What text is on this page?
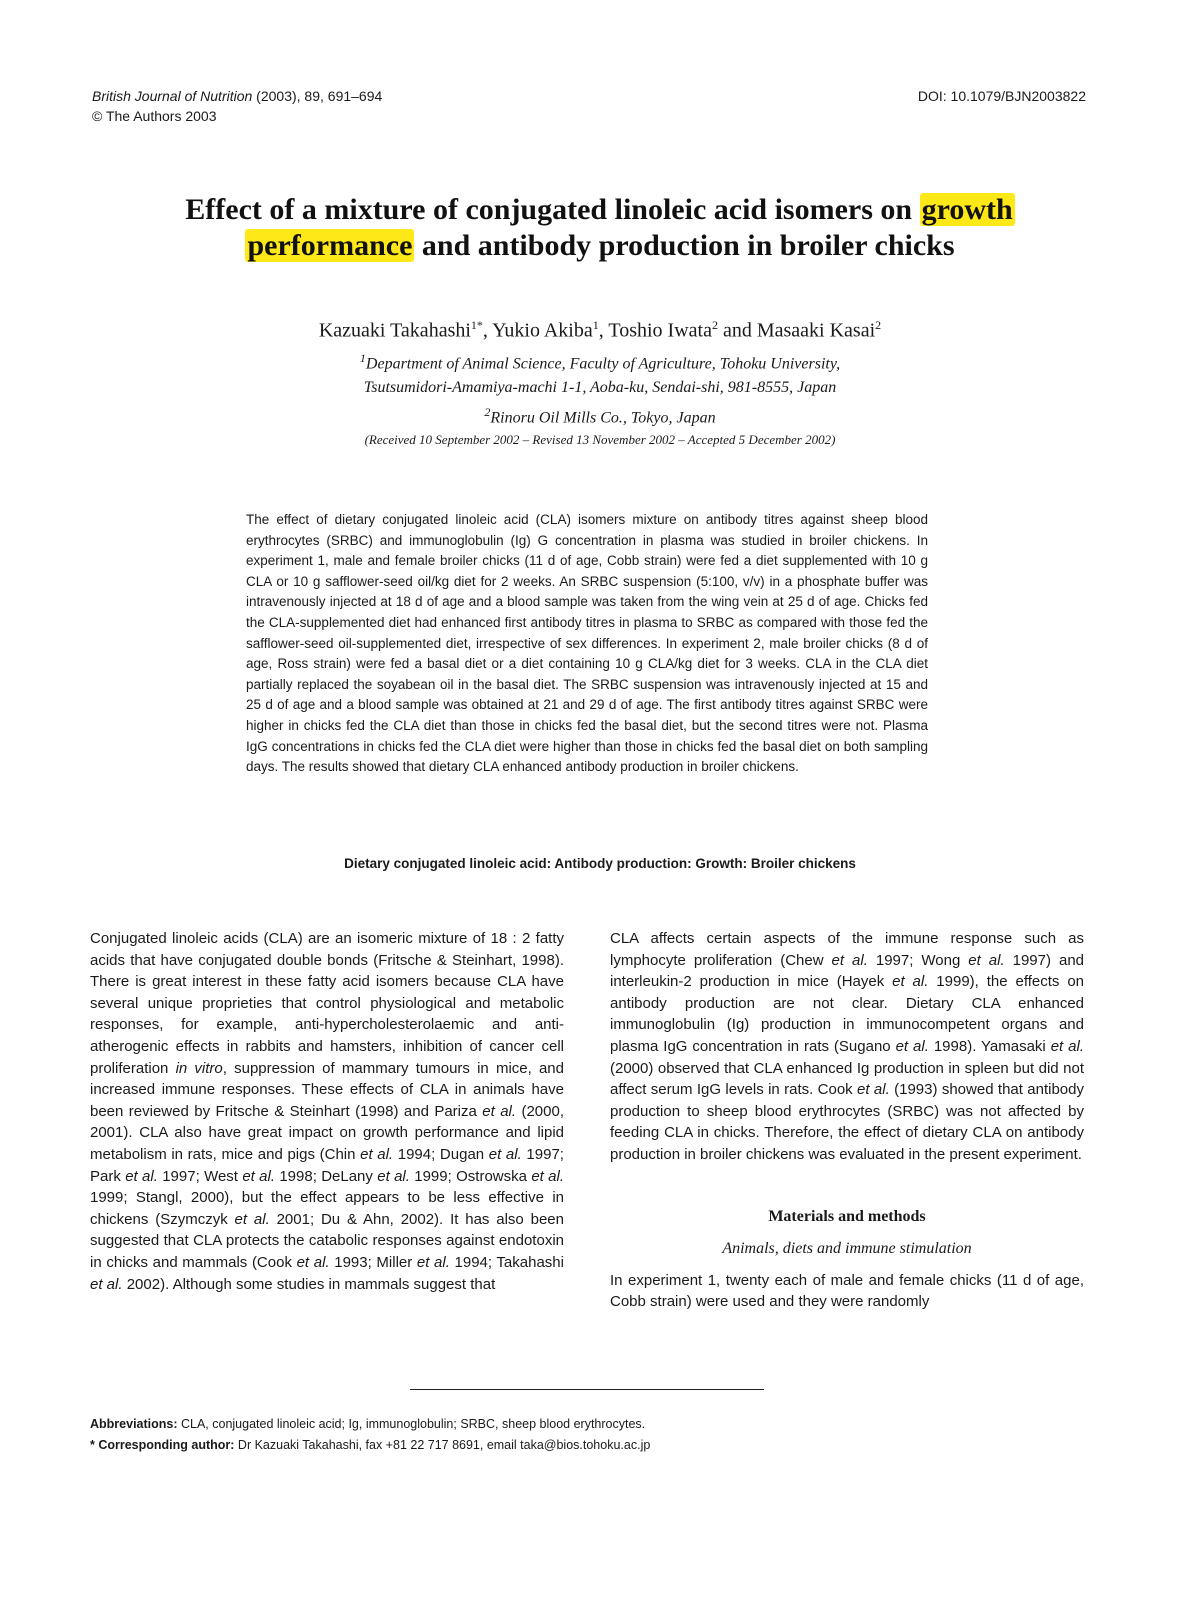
British Journal of Nutrition (2003), 89, 691–694
© The Authors 2003
DOI: 10.1079/BJN2003822
Effect of a mixture of conjugated linoleic acid isomers on growth
performance and antibody production in broiler chicks
Kazuaki Takahashi$^{1*}$, Yukio Akiba$^1$, Toshio Iwata$^2$ and Masaaki Kasai$^2$
$^1$Department of Animal Science, Faculty of Agriculture, Tohoku University,
Tsutsumidori-Amamiya-machi 1-1, Aoba-ku, Sendai-shi, 981-8555, Japan
$^2$Rinoru Oil Mills Co., Tokyo, Japan
(Received 10 September 2002 – Revised 13 November 2002 – Accepted 5 December 2002)
The effect of dietary conjugated linoleic acid (CLA) isomers mixture on antibody titres against sheep blood erythrocytes (SRBC) and immunoglobulin (Ig) G concentration in plasma was studied in broiler chickens. In experiment 1, male and female broiler chicks (11 d of age, Cobb strain) were fed a diet supplemented with 10 g CLA or 10 g safflower-seed oil/kg diet for 2 weeks. An SRBC suspension (5:100, v/v) in a phosphate buffer was intravenously injected at 18 d of age and a blood sample was taken from the wing vein at 25 d of age. Chicks fed the CLA-supplemented diet had enhanced first antibody titres in plasma to SRBC as compared with those fed the safflower-seed oil-supplemented diet, irrespective of sex differences. In experiment 2, male broiler chicks (8 d of age, Ross strain) were fed a basal diet or a diet containing 10 g CLA/kg diet for 3 weeks. CLA in the CLA diet partially replaced the soyabean oil in the basal diet. The SRBC suspension was intravenously injected at 15 and 25 d of age and a blood sample was obtained at 21 and 29 d of age. The first antibody titres against SRBC were higher in chicks fed the CLA diet than those in chicks fed the basal diet, but the second titres were not. Plasma IgG concentrations in chicks fed the CLA diet were higher than those in chicks fed the basal diet on both sampling days. The results showed that dietary CLA enhanced antibody production in broiler chickens.
Dietary conjugated linoleic acid: Antibody production: Growth: Broiler chickens

Conjugated linoleic acids (CLA) are an isomeric mixture of 18 : 2 fatty acids that have conjugated double bonds (Fritsche & Steinhart, 1998). There is great interest in these fatty acid isomers because CLA have several unique proprieties that control physiological and metabolic responses, for example, anti-hypercholesterolaemic and anti-atherogenic effects in rabbits and hamsters, inhibition of cancer cell proliferation in vitro, suppression of mammary tumours in mice, and increased immune responses. These effects of CLA in animals have been reviewed by Fritsche & Steinhart (1998) and Pariza et al. (2000, 2001). CLA also have great impact on growth performance and lipid metabolism in rats, mice and pigs (Chin et al. 1994; Dugan et al. 1997; Park et al. 1997; West et al. 1998; DeLany et al. 1999; Ostrowska et al. 1999; Stangl, 2000), but the effect appears to be less effective in chickens (Szymczyk et al. 2001; Du & Ahn, 2002). It has also been suggested that CLA protects the catabolic responses against endotoxin in chicks and mammals (Cook et al. 1993; Miller et al. 1994; Takahashi et al. 2002). Although some studies in mammals suggest that

CLA affects certain aspects of the immune response such as lymphocyte proliferation (Chew et al. 1997; Wong et al. 1997) and interleukin-2 production in mice (Hayek et al. 1999), the effects on antibody production are not clear. Dietary CLA enhanced immunoglobulin (Ig) production in immunocompetent organs and plasma IgG concentration in rats (Sugano et al. 1998). Yamasaki et al. (2000) observed that CLA enhanced Ig production in spleen but did not affect serum IgG levels in rats. Cook et al. (1993) showed that antibody production to sheep blood erythrocytes (SRBC) was not affected by feeding CLA in chicks. Therefore, the effect of dietary CLA on antibody production in broiler chickens was evaluated in the present experiment.

Materials and methods
Animals, diets and immune stimulation

In experiment 1, twenty each of male and female chicks (11 d of age, Cobb strain) were used and they were randomly

Abbreviations: CLA, conjugated linoleic acid; Ig, immunoglobulin; SRBC, sheep blood erythrocytes.
* Corresponding author: Dr Kazuaki Takahashi, fax +81 22 717 8691, email taka@bios.tohoku.ac.jp
